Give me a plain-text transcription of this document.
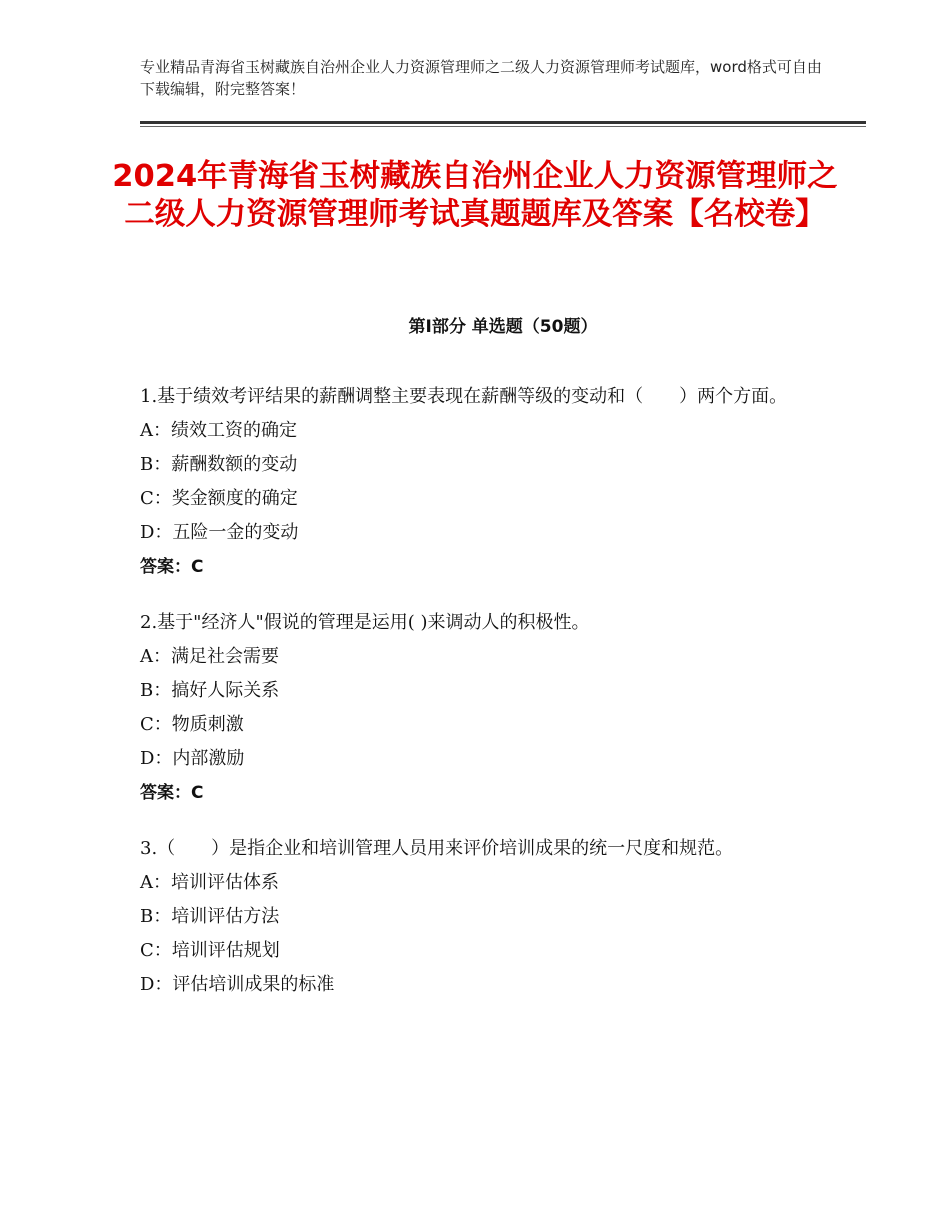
专业精品青海省玉树藏族自治州企业人力资源管理师之二级人力资源管理师考试题库，word格式可自由下载编辑，附完整答案！
2024年青海省玉树藏族自治州企业人力资源管理师之二级人力资源管理师考试真题题库及答案【名校卷】
第Ⅰ部分 单选题（50题）

1.基于绩效考评结果的薪酬调整主要表现在薪酬等级的变动和（　　）两个方面。

A：绩效工资的确定

B：薪酬数额的变动

C：奖金额度的确定

D：五险一金的变动

答案：C

2.基于"经济人"假说的管理是运用( )来调动人的积极性。

A：满足社会需要

B：搞好人际关系

C：物质刺激

D：内部激励

答案：C

3.（　　）是指企业和培训管理人员用来评价培训成果的统一尺度和规范。

A：培训评估体系

B：培训评估方法

C：培训评估规划

D：评估培训成果的标准
